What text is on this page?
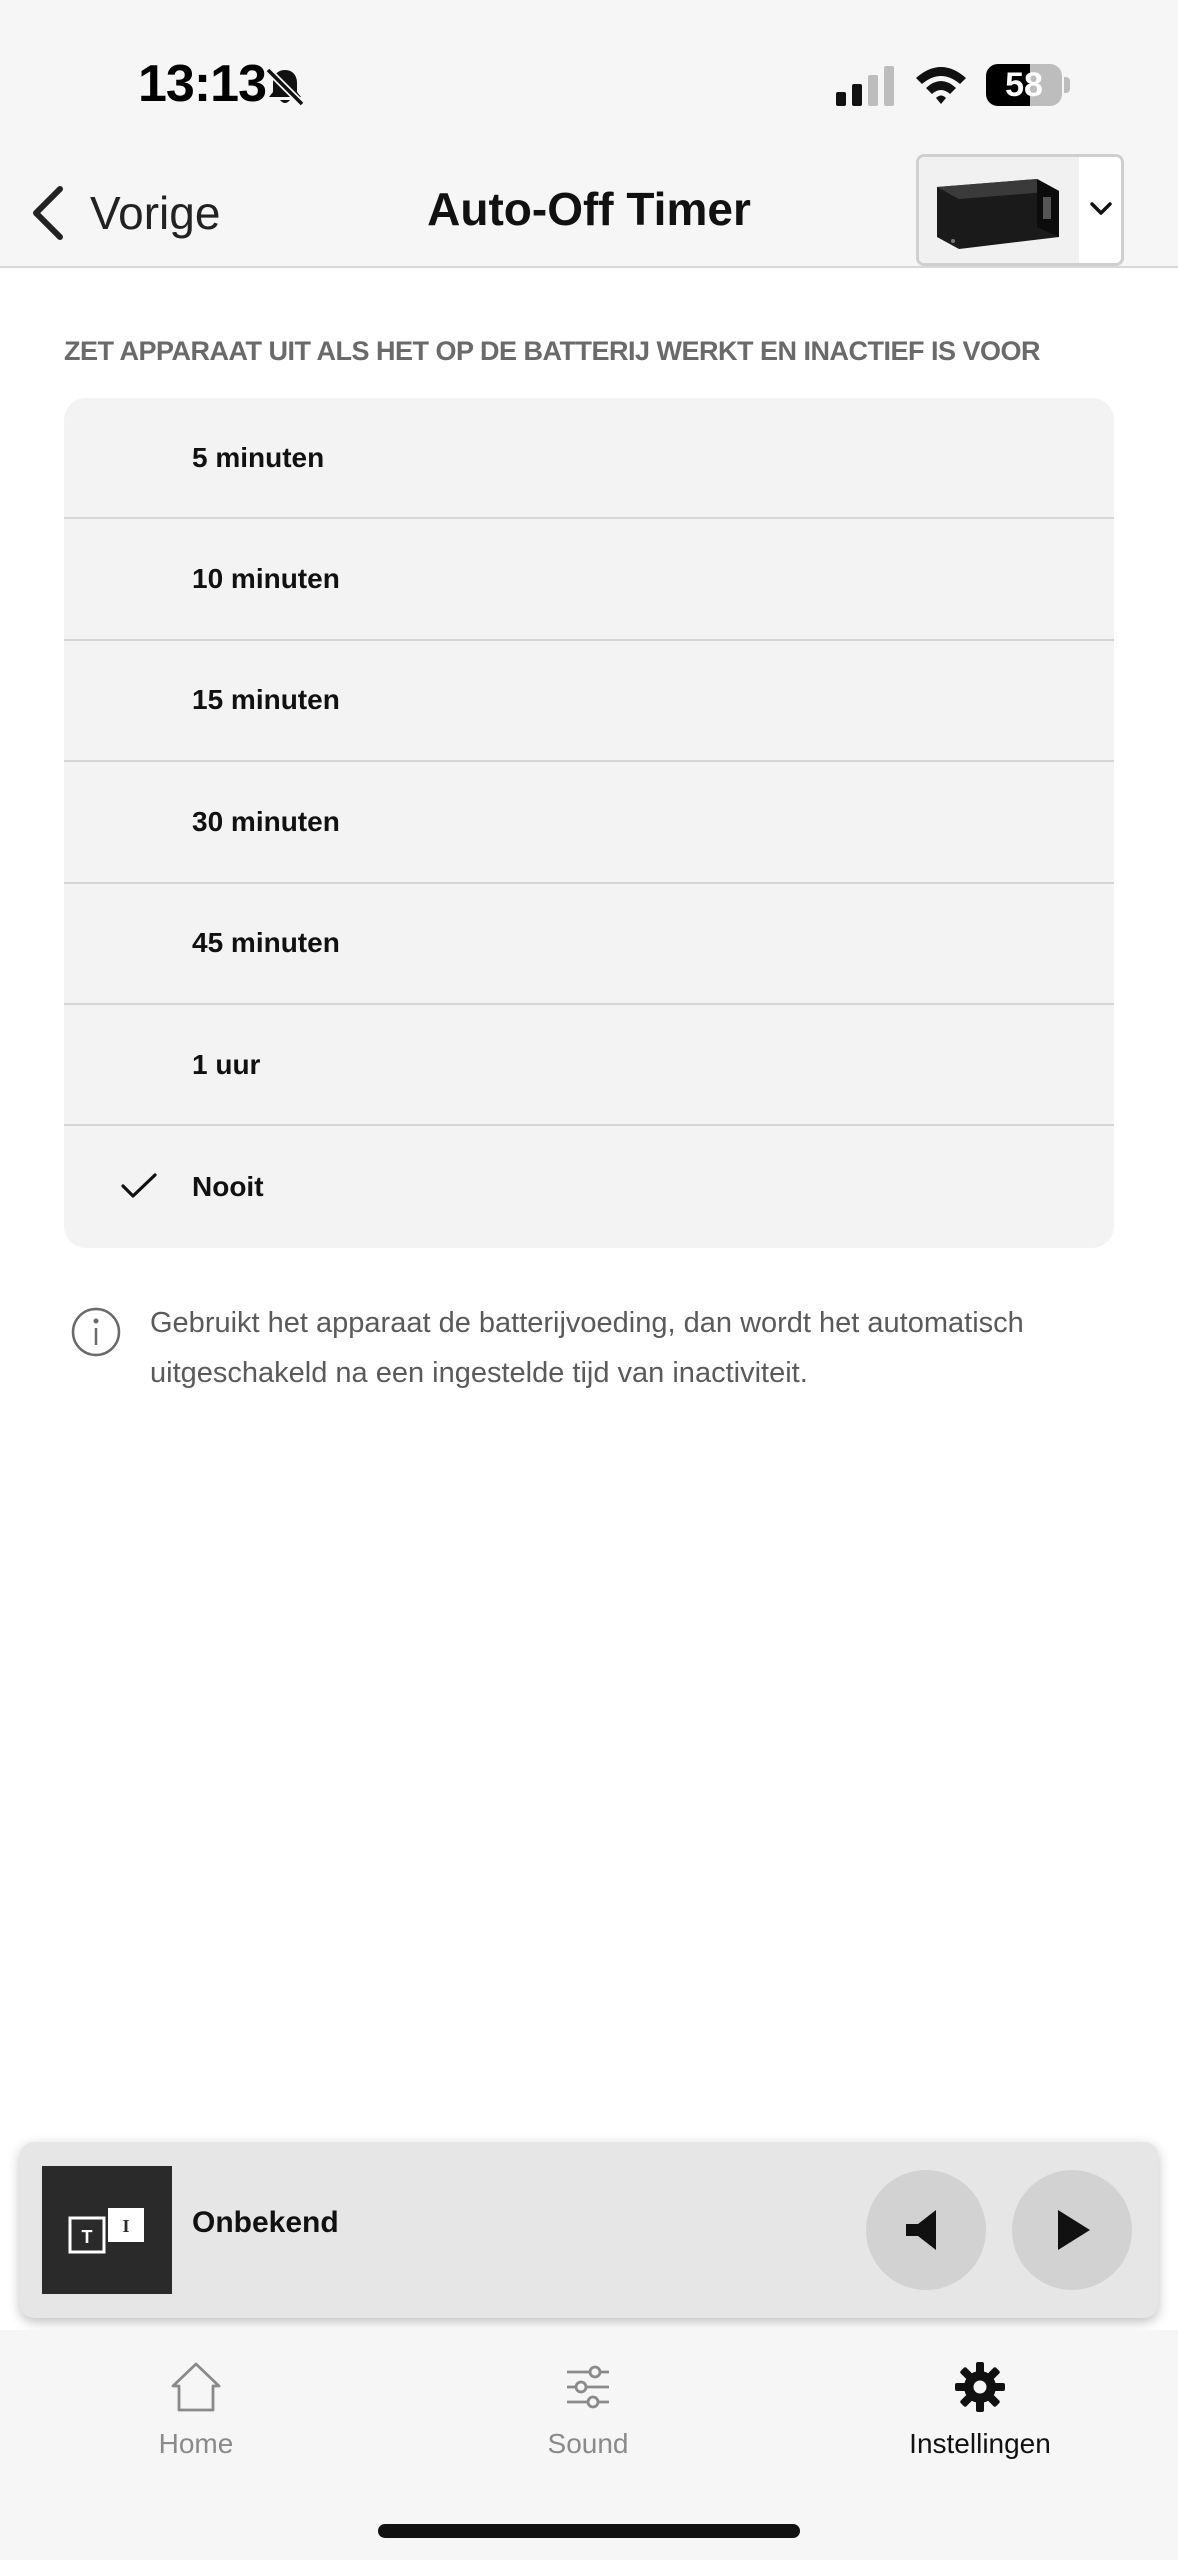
13:13	58
Vorige	Auto-Off Timer
ZET APPARAAT UIT ALS HET OP DE BATTERIJ WERKT EN INACTIEF IS VOOR
5 minuten
10 minuten
15 minuten
30 minuten
45 minuten
1 uur
Nooit
Gebruikt het apparaat de batterijvoeding, dan wordt het automatisch uitgeschakeld na een ingestelde tijd van inactiviteit.
T
I Onbekend
Home	Sound	Instellingen
